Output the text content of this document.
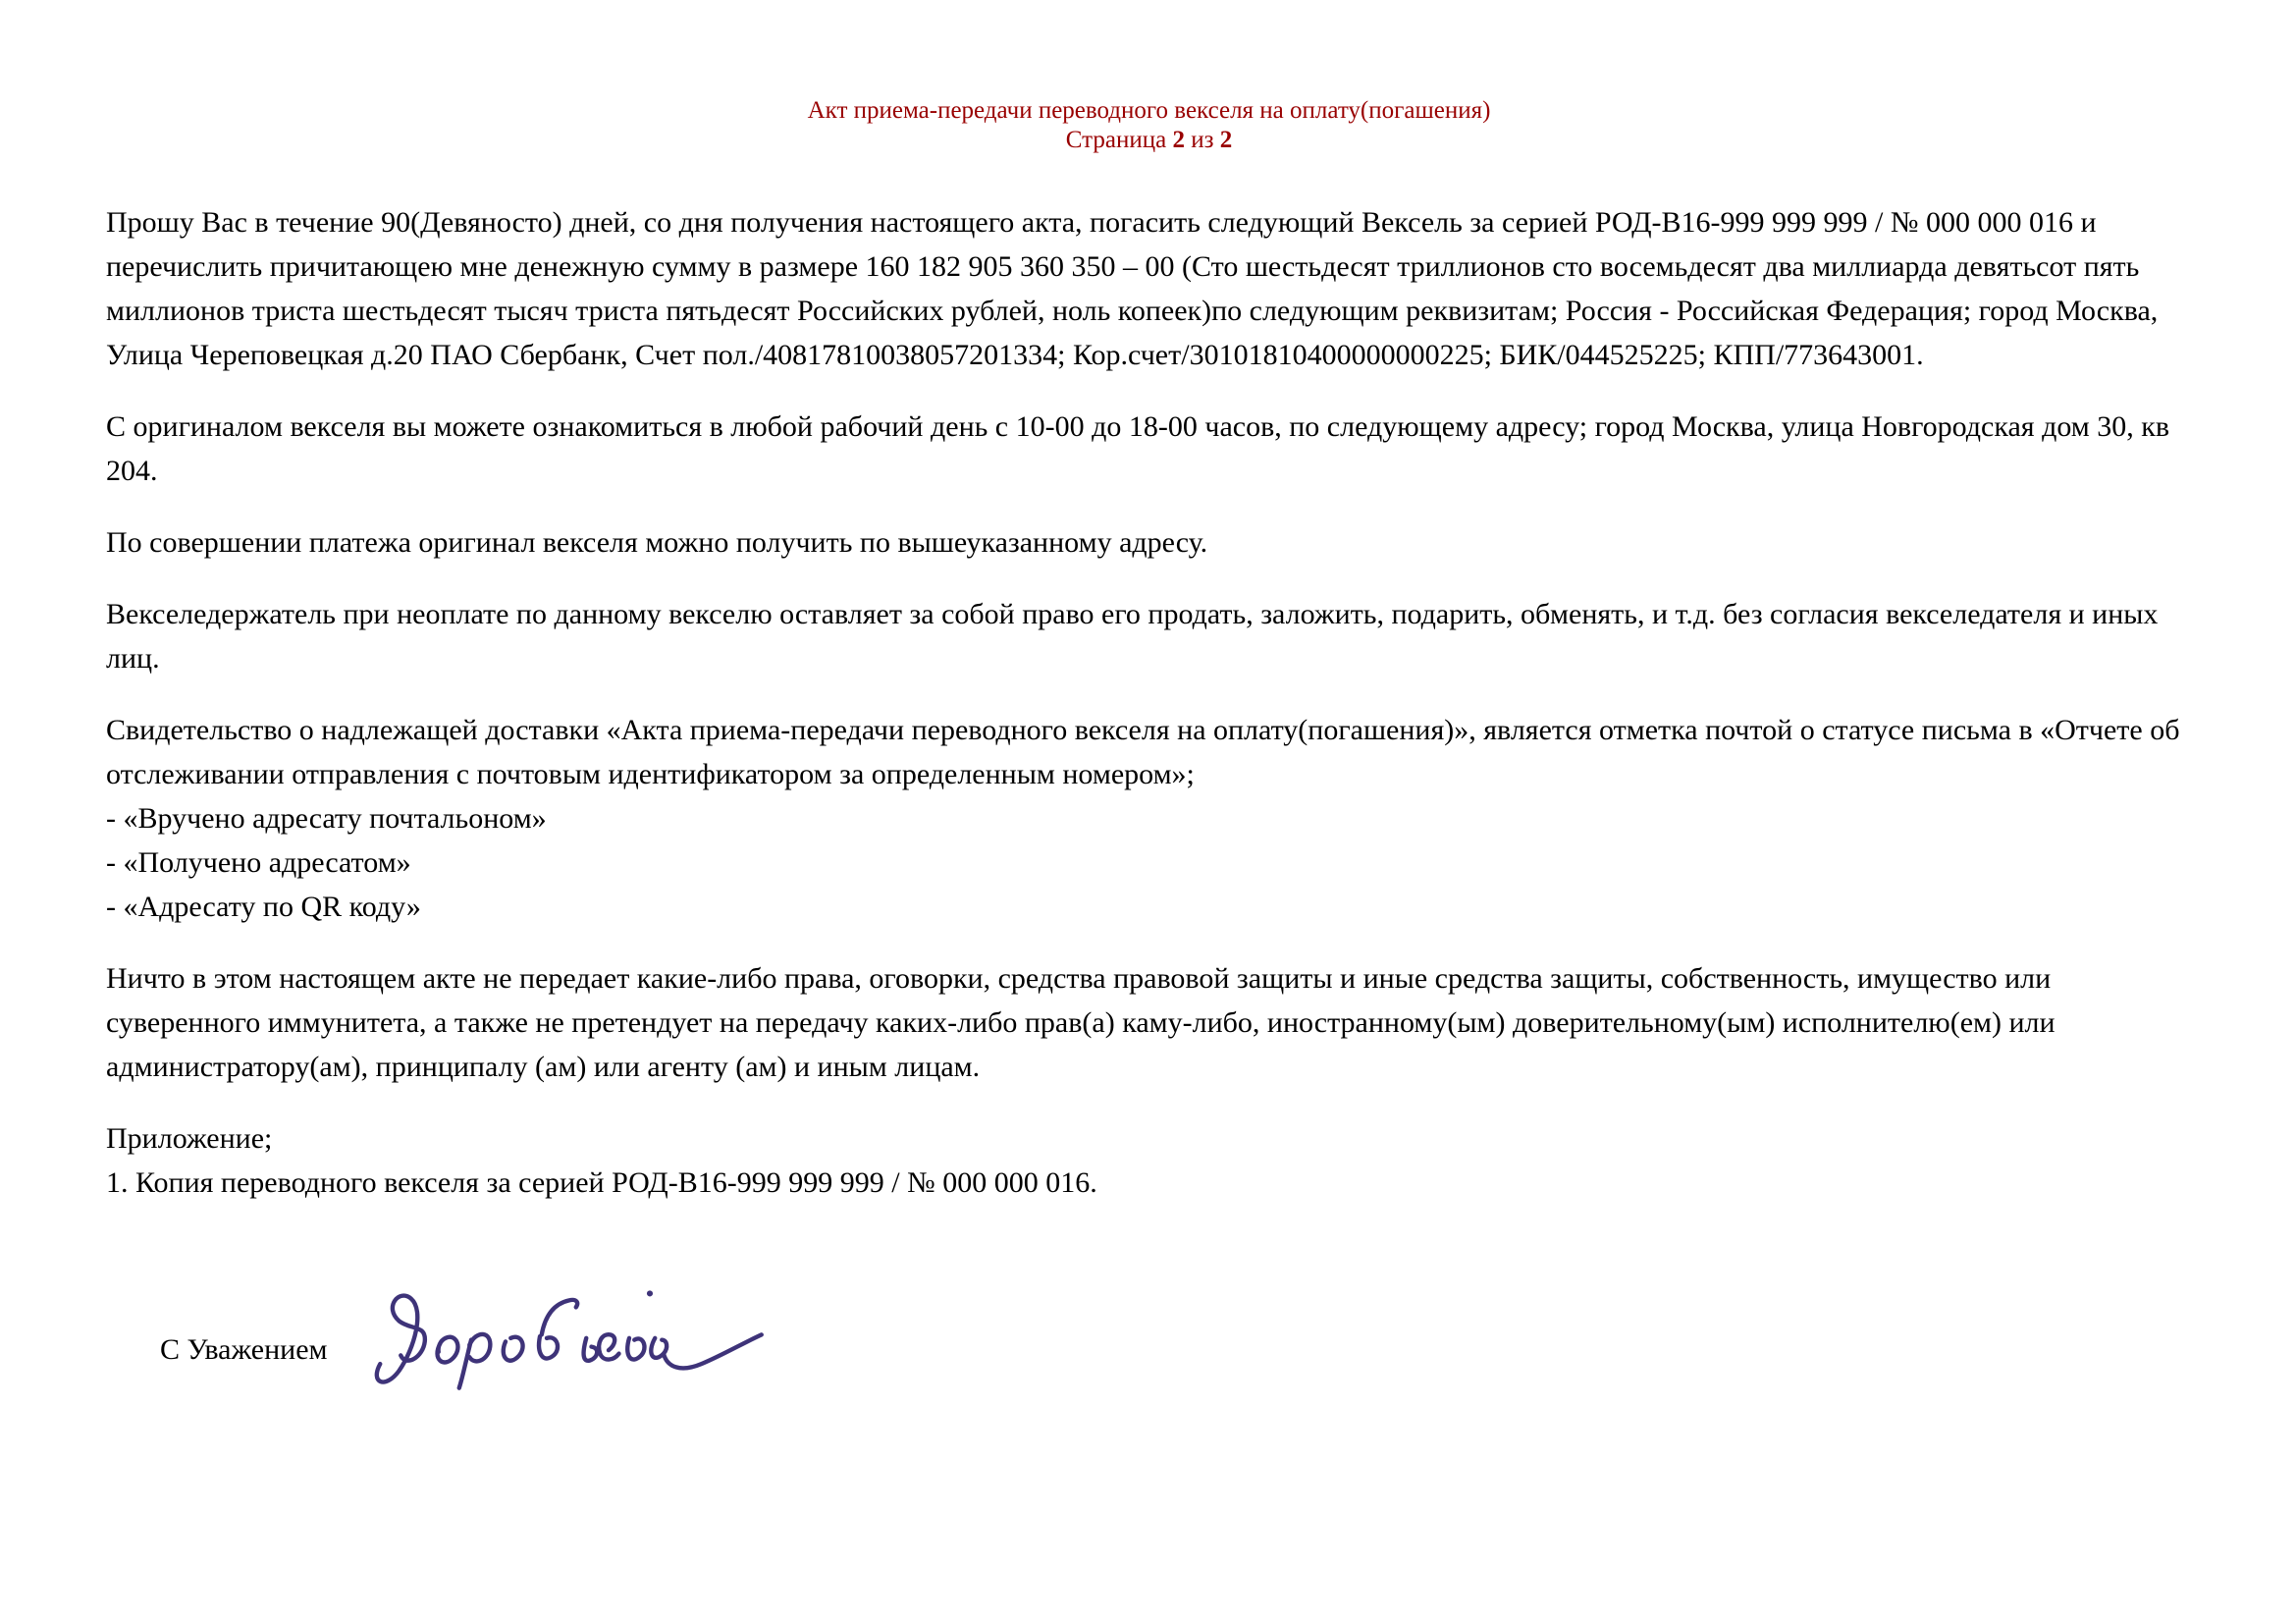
Акт приема-передачи переводного векселя на оплату(погашения)
Страница 2 из 2

Прошу Вас в течение 90(Девяносто) дней, со дня получения настоящего акта, погасить следующий Вексель за серией РОД-В16-999 999 999 / № 000 000 016 и перечислить причитающею мне денежную сумму в размере 160 182 905 360 350 – 00 (Сто шестьдесят триллионов сто восемьдесят два миллиарда девятьсот пять миллионов триста шестьдесят тысяч триста пятьдесят Российских рублей, ноль копеек)по следующим реквизитам; Россия - Российская Федерация; город Москва, Улица Череповецкая д.20 ПАО Сбербанк, Счет пол./40817810038057201334; Кор.счет/30101810400000000225; БИК/044525225; КПП/773643001.

С оригиналом векселя вы можете ознакомиться в любой рабочий день с 10-00 до 18-00 часов, по следующему адресу; город Москва, улица Новгородская дом 30, кв 204.

По совершении платежа оригинал векселя можно получить по вышеуказанному адресу.

Векселедержатель при неоплате по данному векселю оставляет за собой право его продать, заложить, подарить, обменять, и т.д. без согласия векселедателя и иных лиц.

Свидетельство о надлежащей доставки «Акта приема-передачи переводного векселя на оплату(погашения)», является отметка почтой о статусе письма в «Отчете об отслеживании отправления с почтовым идентификатором за определенным номером»;
- «Вручено адресату почтальоном»
- «Получено адресатом»
- «Адресату по QR коду»

Ничто в этом настоящем акте не передает какие-либо права, оговорки, средства правовой защиты и иные средства защиты, собственность, имущество или суверенного иммунитета, а также не претендует на передачу каких-либо прав(а) каму-либо, иностранному(ым) доверительному(ым) исполнителю(ем) или администратору(ам), принципалу (ам) или агенту (ам) и иным лицам.

Приложение;
1. Копия переводного векселя за серией РОД-В16-999 999 999 / № 000 000 016.
С Уважением
